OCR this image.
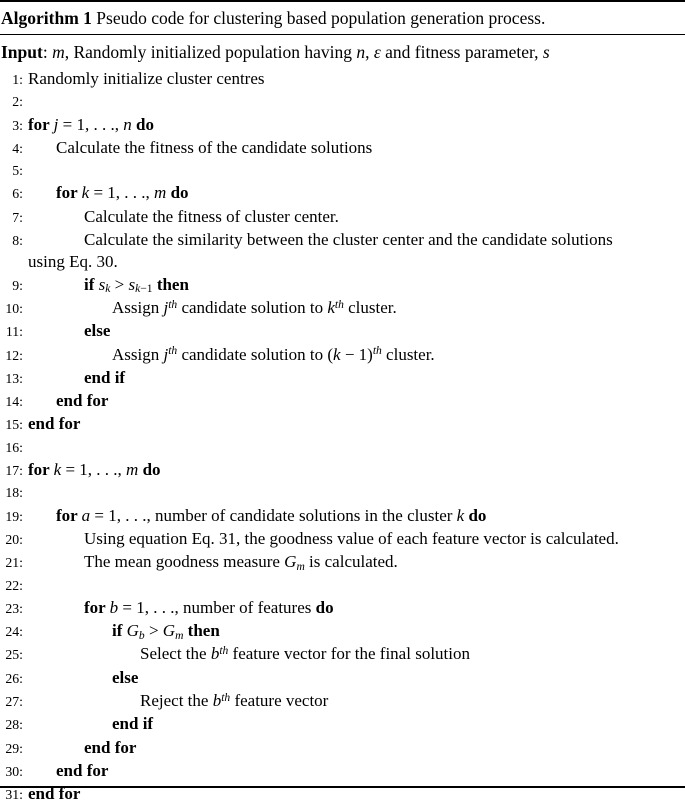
Algorithm 1 Pseudo code for clustering based population generation process.
Input: m, Randomly initialized population having n, ε and fitness parameter, s
1: Randomly initialize cluster centres
2:
3: for j = 1, . . ., n do
4:	Calculate the fitness of the candidate solutions
5:
6:	for k = 1, . . ., m do
7:	Calculate the fitness of cluster center.
8:	Calculate the similarity between the cluster center and the candidate solutions
using Eq. 30.
9:	if sk > sk−1 then
10:	Assign $j^{th}$ candidate solution to $k^{th}$ cluster.
11:	else
12:	Assign $j^{th}$ candidate solution to $(k - 1)^{th}$ cluster.
13:	end if
14:	end for
15: end for
16:
17: for k = 1, . . ., m do
18:
19:	for a = 1, . . ., number of candidate solutions in the cluster k do
20:	Using equation Eq. 31, the goodness value of each feature vector is calculated.
21:	The mean goodness measure Gm is calculated.
22:
23:	for b = 1, . . ., number of features do
24:	if Gb > Gm then
25:	Select the $b^{th}$ feature vector for the final solution
26:	else
27:	Reject the $b^{th}$ feature vector
28:	end if
29:	end for
30:	end for
31: end for
